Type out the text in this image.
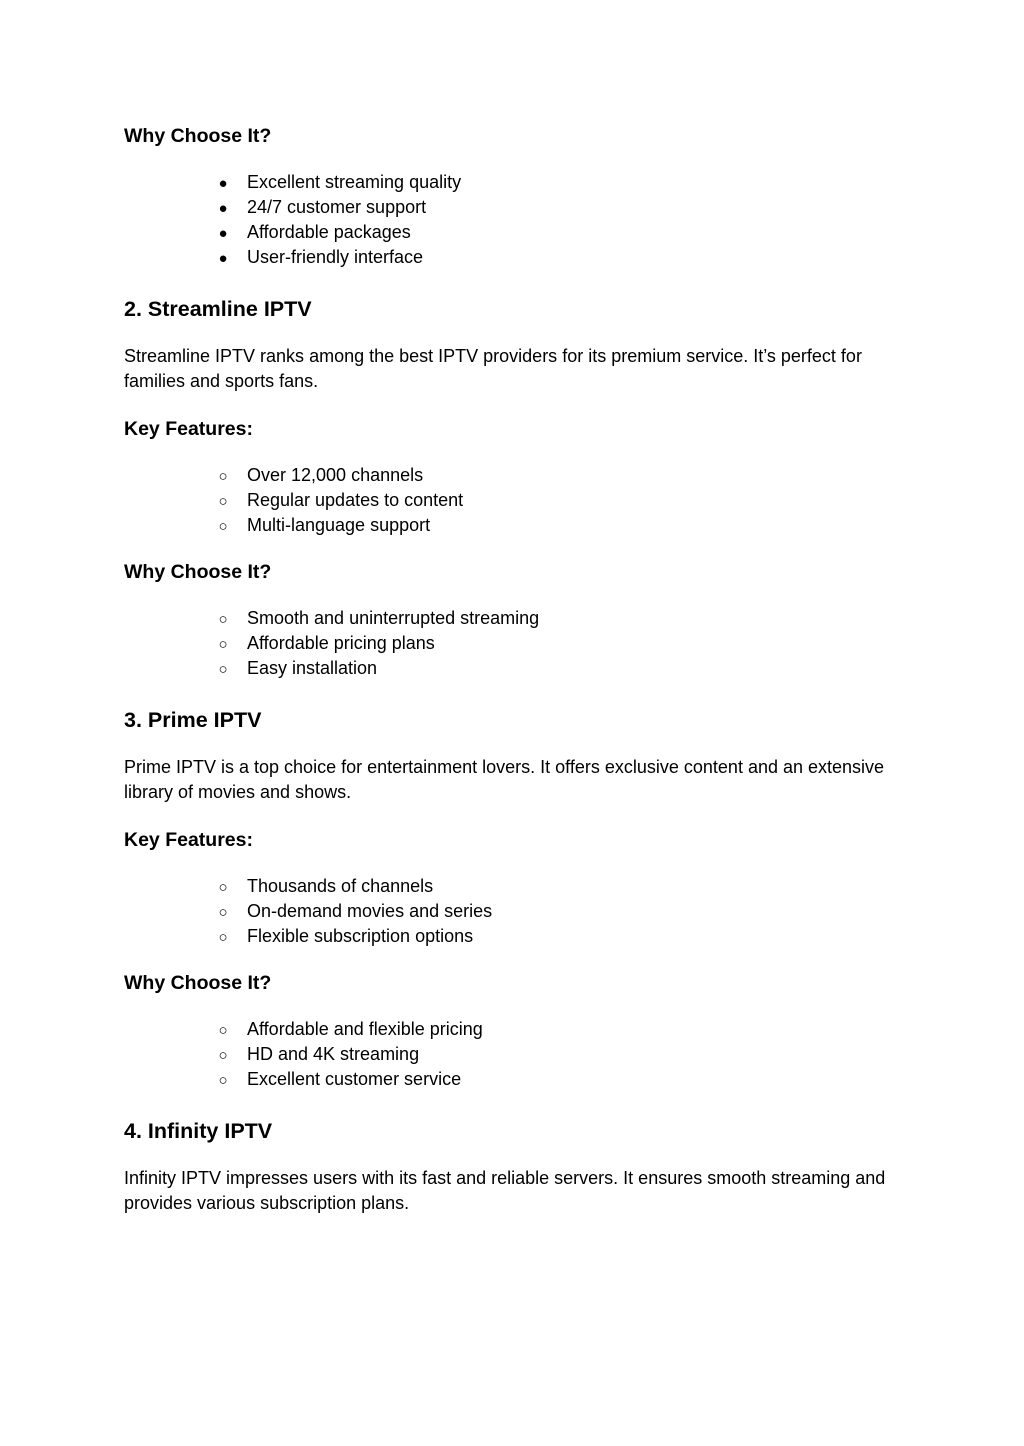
Why Choose It?
●
Excellent streaming quality
●
24/7 customer support
●
Affordable packages
●
User-friendly interface
2. Streamline IPTV

Streamline IPTV ranks among the best IPTV providers for its premium service. It’s perfect for families and sports fans.

Key Features:
○
Over 12,000 channels
○
Regular updates to content
○
Multi-language support
Why Choose It?
○
Smooth and uninterrupted streaming
○
Affordable pricing plans
○
Easy installation
3. Prime IPTV

Prime IPTV is a top choice for entertainment lovers. It offers exclusive content and an extensive library of movies and shows.

Key Features:
○
Thousands of channels
○
On-demand movies and series
○
Flexible subscription options
Why Choose It?
○
Affordable and flexible pricing
○
HD and 4K streaming
○
Excellent customer service
4. Infinity IPTV

Infinity IPTV impresses users with its fast and reliable servers. It ensures smooth streaming and provides various subscription plans.
